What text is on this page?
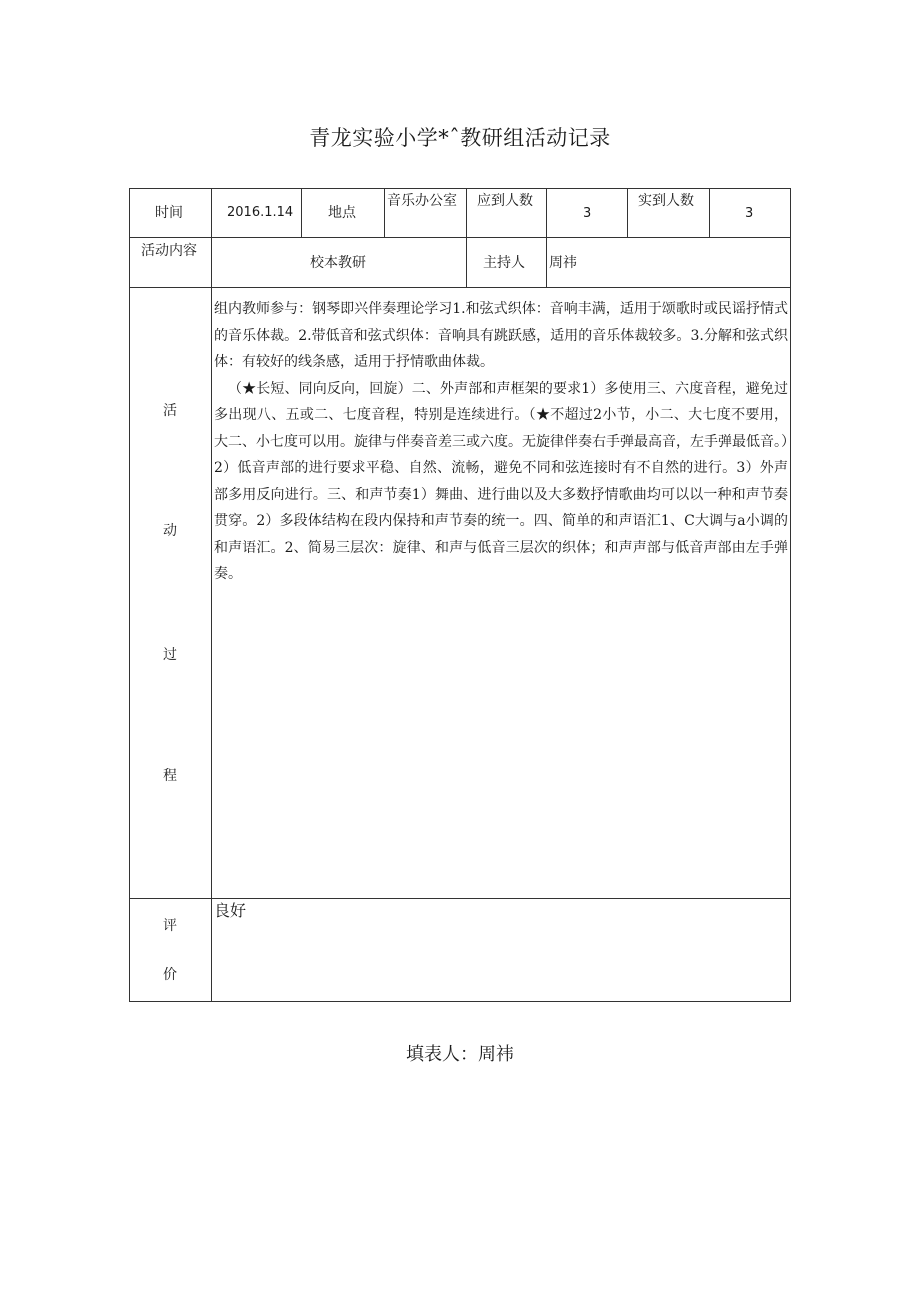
青龙实验小学*ˆ教研组活动记录
时间	2016.1.14 地点
音乐办公室 应到人数
3
实到人数
3
活动内容
校本教研	主持人 周祎
活
动
过
程

组内教师参与：钢琴即兴伴奏理论学习1.和弦式织体：音响丰满，适用于颂歌时或民谣抒情式的音乐体裁。2.带低音和弦式织体：音响具有跳跃感，适用的音乐体裁较多。3.分解和弦式织体：有较好的线条感，适用于抒情歌曲体裁。

（★长短、同向反向，回旋）二、外声部和声框架的要求1）多使用三、六度音程，避免过多出现八、五或二、七度音程，特别是连续进行。（★不超过2小节，小二、大七度不要用，大二、小七度可以用。旋律与伴奏音差三或六度。无旋律伴奏右手弹最高音，左手弹最低音。）2）低音声部的进行要求平稳、自然、流畅，避免不同和弦连接时有不自然的进行。3）外声部多用反向进行。三、和声节奏1）舞曲、进行曲以及大多数抒情歌曲均可以以一种和声节奏贯穿。2）多段体结构在段内保持和声节奏的统一。四、简单的和声语汇1、C大调与a小调的和声语汇。2、简易三层次：旋律、和声与低音三层次的织体；和声声部与低音声部由左手弹奏。

评
价
良好
填表人：周祎
